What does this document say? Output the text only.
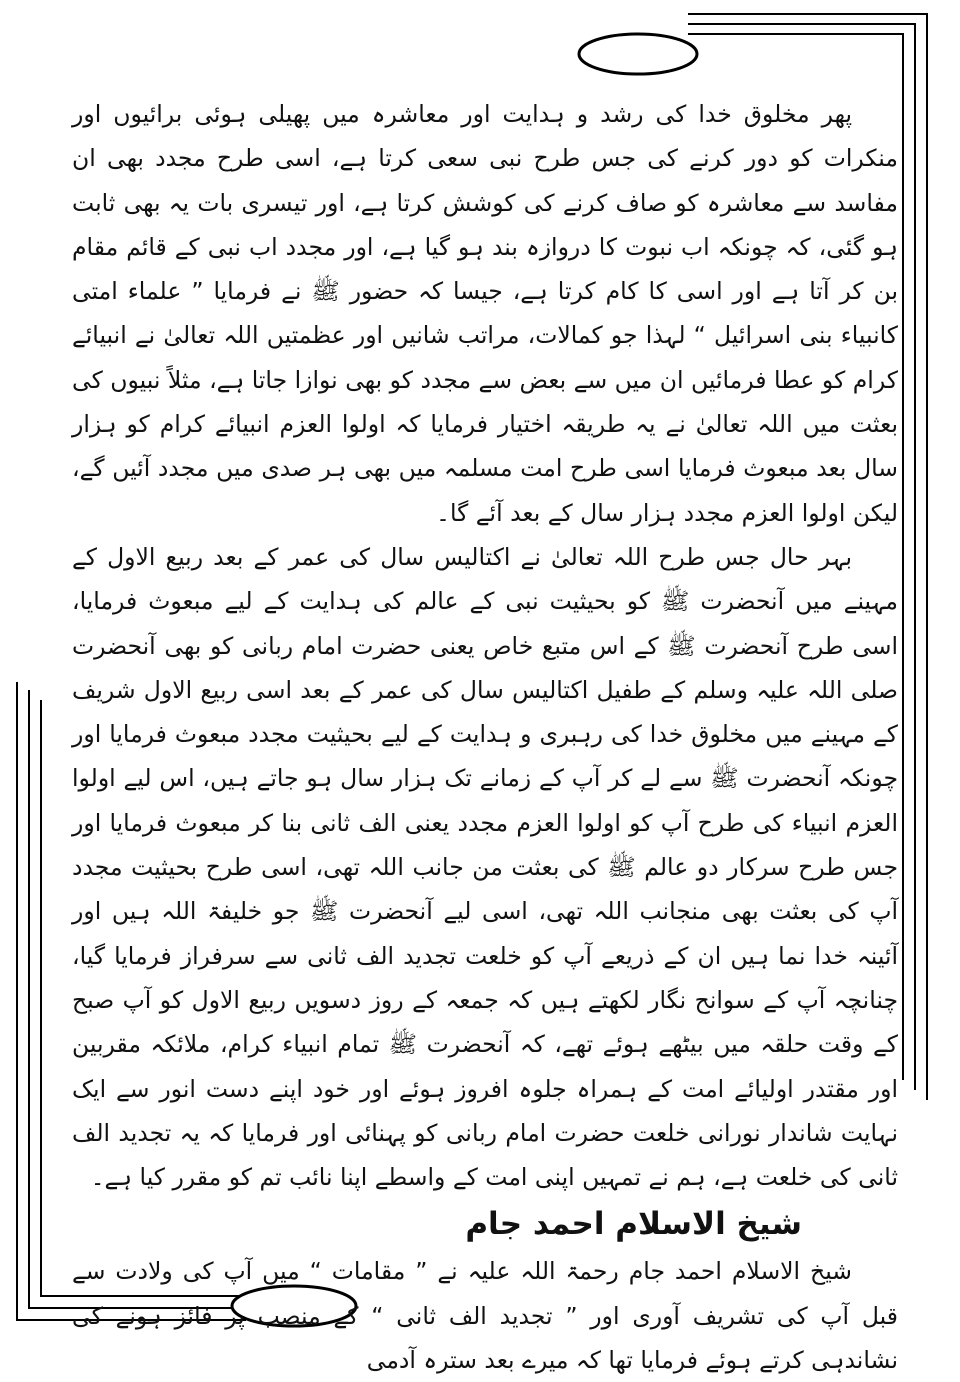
پھر مخلوق خدا کی رشد و ہدایت اور معاشرہ میں پھیلی ہوئی برائیوں اور منکرات کو دور کرنے کی جس طرح نبی سعی کرتا ہے، اسی طرح مجدد بھی ان مفاسد سے معاشرہ کو صاف کرنے کی کوشش کرتا ہے، اور تیسری بات یہ بھی ثابت ہو گئی، کہ چونکہ اب نبوت کا دروازہ بند ہو گیا ہے، اور مجدد اب نبی کے قائم مقام بن کر آتا ہے اور اسی کا کام کرتا ہے، جیسا کہ حضور ﷺ نے فرمایا ” علماء امتی کانبیاء بنی اسرائیل “ لہذا جو کمالات، مراتب شانیں اور عظمتیں اللہ تعالیٰ نے انبیائے کرام کو عطا فرمائیں ان میں سے بعض سے مجدد کو بھی نوازا جاتا ہے، مثلاً نبیوں کی بعثت میں اللہ تعالیٰ نے یہ طریقہ اختیار فرمایا کہ اولوا العزم انبیائے کرام کو ہزار سال بعد مبعوث فرمایا اسی طرح امت مسلمہ میں بھی ہر صدی میں مجدد آئیں گے، لیکن اولوا العزم مجدد ہزار سال کے بعد آئے گا۔

بہر حال جس طرح اللہ تعالیٰ نے اکتالیس سال کی عمر کے بعد ربیع الاول کے مہینے میں آنحضرت ﷺ کو بحیثیت نبی کے عالم کی ہدایت کے لیے مبعوث فرمایا، اسی طرح آنحضرت ﷺ کے اس متبع خاص یعنی حضرت امام ربانی کو بھی آنحضرت صلی اللہ علیہ وسلم کے طفیل اکتالیس سال کی عمر کے بعد اسی ربیع الاول شریف کے مہینے میں مخلوق خدا کی رہبری و ہدایت کے لیے بحیثیت مجدد مبعوث فرمایا اور چونکہ آنحضرت ﷺ سے لے کر آپ کے زمانے تک ہزار سال ہو جاتے ہیں، اس لیے اولوا العزم انبیاء کی طرح آپ کو اولوا العزم مجدد یعنی الف ثانی بنا کر مبعوث فرمایا اور جس طرح سرکار دو عالم ﷺ کی بعثت من جانب اللہ تھی، اسی طرح بحیثیت مجدد آپ کی بعثت بھی منجانب اللہ تھی، اسی لیے آنحضرت ﷺ جو خلیفۃ اللہ ہیں اور آئینہ خدا نما ہیں ان کے ذریعے آپ کو خلعت تجدید الف ثانی سے سرفراز فرمایا گیا، چنانچہ آپ کے سوانح نگار لکھتے ہیں کہ جمعہ کے روز دسویں ربیع الاول کو آپ صبح کے وقت حلقہ میں بیٹھے ہوئے تھے، کہ آنحضرت ﷺ تمام انبیاء کرام، ملائکہ مقربین اور مقتدر اولیائے امت کے ہمراہ جلوہ افروز ہوئے اور خود اپنے دست انور سے ایک نہایت شاندار نورانی خلعت حضرت امام ربانی کو پہنائی اور فرمایا کہ یہ تجدید الف ثانی کی خلعت ہے، ہم نے تمہیں اپنی امت کے واسطے اپنا نائب تم کو مقرر کیا ہے۔

شیخ الاسلام احمد جام

شیخ الاسلام احمد جام رحمۃ اللہ علیہ نے ” مقامات “ میں آپ کی ولادت سے قبل آپ کی تشریف آوری اور ” تجدید الف ثانی “ کے منصب پر فائز ہونے کی نشاندہی کرتے ہوئے فرمایا تھا کہ میرے بعد سترہ آدمی
